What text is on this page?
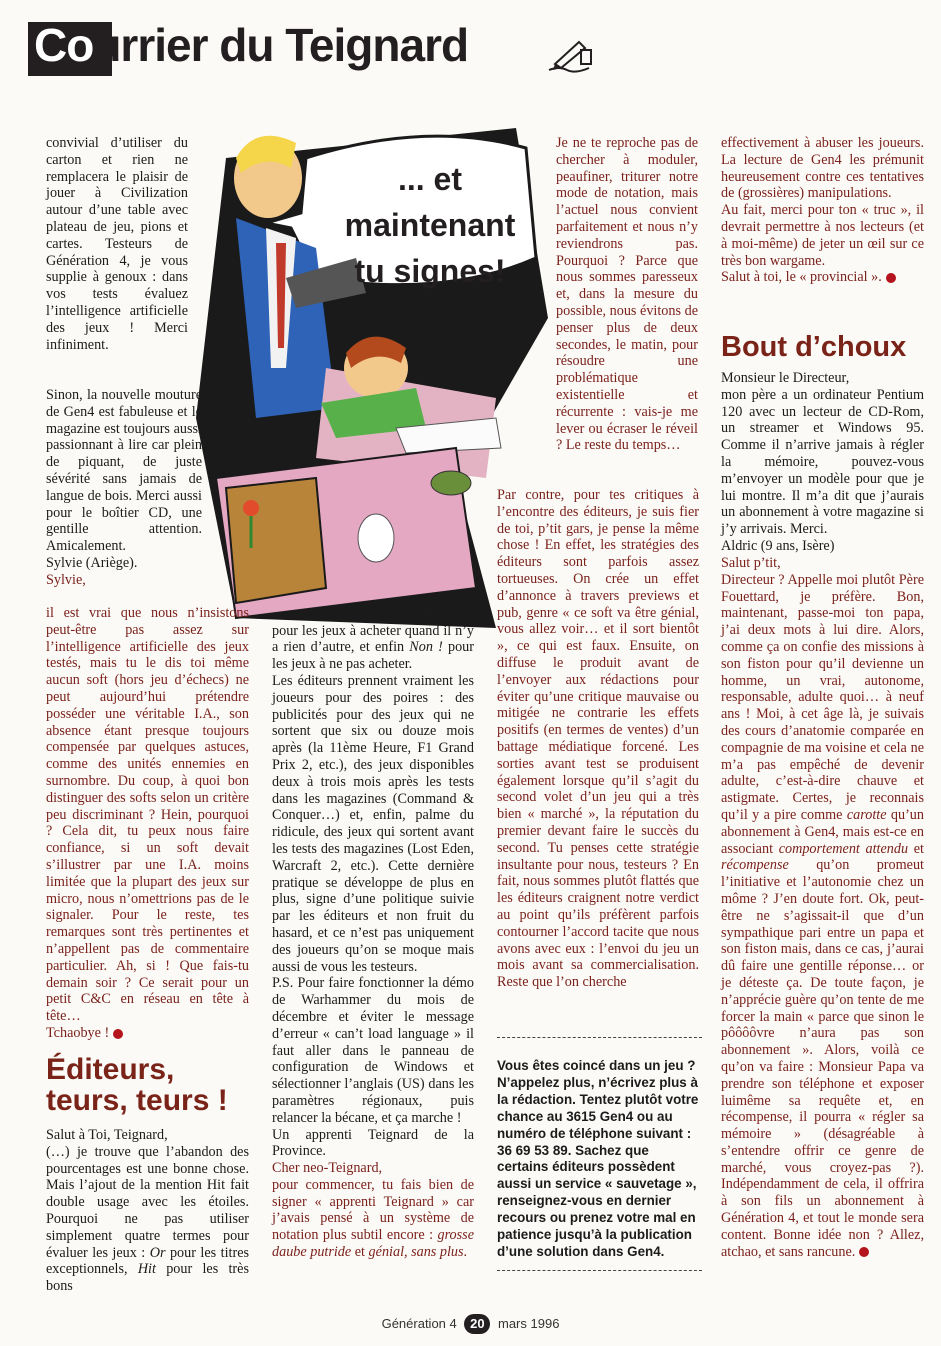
Courrier du Teignard
... et
maintenant
tu signes!

convivial d’utiliser du carton et rien ne remplacera le plaisir de jouer à Civilization autour d’une table avec plateau de jeu, pions et cartes. Testeurs de Génération 4, je vous supplie à genoux : dans vos tests évaluez l’intelligence artificielle des jeux ! Merci infiniment.

Sinon, la nouvelle mouture de Gen4 est fabuleuse et le magazine est toujours aussi passionnant à lire car plein de piquant, de juste sévérité sans jamais de langue de bois. Merci aussi pour le boîtier CD, une gentille attention. Amicalement.

Sylvie (Ariège).

Sylvie,

il est vrai que nous n’insistons peut-être pas assez sur l’intelligence artificielle des jeux testés, mais tu le dis toi même aucun soft (hors jeu d’échecs) ne peut aujourd’hui prétendre posséder une véritable I.A., son absence étant presque toujours compensée par quelques astuces, comme des unités ennemies en surnombre. Du coup, à quoi bon distinguer des softs selon un critère peu discriminant ? Hein, pourquoi ? Cela dit, tu peux nous faire confiance, si un soft devait s’illustrer par une I.A. moins limitée que la plupart des jeux sur micro, nous n’omettrions pas de le signaler. Pour le reste, tes remarques sont très pertinentes et n’appellent pas de commentaire particulier. Ah, si ! Que fais-tu demain soir ? Ce serait pour un petit C&C en réseau en tête à tête…

Tchaobye !

Éditeurs, teurs, teurs !

Salut à Toi, Teignard,

(…) je trouve que l’abandon des pourcentages est une bonne chose. Mais l’ajout de la mention Hit fait double usage avec les étoiles. Pourquoi ne pas utiliser simplement quatre termes pour évaluer les jeux : Or pour les titres exceptionnels, Hit pour les très bons

jeux,
Passable

pour les jeux à acheter quand il n’y a rien d’autre, et enfin Non ! pour les jeux à ne pas acheter.

Les éditeurs prennent vraiment les joueurs pour des poires : des publicités pour des jeux qui ne sortent que six ou douze mois après (la 11ème Heure, F1 Grand Prix 2, etc.), des jeux disponibles deux à trois mois après les tests dans les magazines (Command & Conquer…) et, enfin, palme du ridicule, des jeux qui sortent avant les tests des magazines (Lost Eden, Warcraft 2, etc.). Cette dernière pratique se développe de plus en plus, signe d’une politique suivie par les éditeurs et non fruit du hasard, et ce n’est pas uniquement des joueurs qu’on se moque mais aussi de vous les testeurs.

P.S. Pour faire fonctionner la démo de Warhammer du mois de décembre et éviter le message d’erreur « can’t load language » il faut aller dans le panneau de configuration de Windows et sélectionner l’anglais (US) dans les paramètres régionaux, puis relancer la bécane, et ça marche !

Un apprenti Teignard de la Province.

Cher neo-Teignard,

pour commencer, tu fais bien de signer « apprenti Teignard » car j’avais pensé à un système de notation plus subtil encore : grosse daube putride et génial, sans plus.

Je ne te reproche pas de chercher à moduler, peaufiner, triturer notre mode de notation, mais l’actuel nous convient parfaitement et nous n’y reviendrons pas. Pourquoi ? Parce que nous sommes paresseux et, dans la mesure du possible, nous évitons de penser plus de deux secondes, le matin, pour résoudre une problématique existentielle et récurrente : vais-je me lever ou écraser le réveil ? Le reste du temps…

Par contre, pour tes critiques à l’encontre des éditeurs, je suis fier de toi, p’tit gars, je pense la même chose ! En effet, les stratégies des éditeurs sont parfois assez tortueuses. On crée un effet d’annonce à travers previews et pub, genre « ce soft va être génial, vous allez voir… et il sort bientôt », ce qui est faux. Ensuite, on diffuse le produit avant de l’envoyer aux rédactions pour éviter qu’une critique mauvaise ou mitigée ne contrarie les effets positifs (en termes de ventes) d’un battage médiatique forcené. Les sorties avant test se produisent également lorsque qu’il s’agit du second volet d’un jeu qui a très bien « marché », la réputation du premier devant faire le succès du second. Tu penses cette stratégie insultante pour nous, testeurs ? En fait, nous sommes plutôt flattés que les éditeurs craignent notre verdict au point qu’ils préfèrent parfois contourner l’accord tacite que nous avons avec eux : l’envoi du jeu un mois avant sa commercialisation. Reste que l’on cherche

Vous êtes coincé dans un jeu ? N’appelez plus, n’écrivez plus à la rédaction. Tentez plutôt votre chance au 3615 Gen4 ou au numéro de téléphone suivant : 36 69 53 89. Sachez que certains éditeurs possèdent aussi un service « sauvetage », renseignez-vous en dernier recours ou prenez votre mal en patience jusqu’à la publication d’une solution dans Gen4.

effectivement à abuser les joueurs. La lecture de Gen4 les prémunit heureusement contre ces tentatives de (grossières) manipulations.

Au fait, merci pour ton « truc », il devrait permettre à nos lecteurs (et à moi-même) de jeter un œil sur ce très bon wargame.

Salut à toi, le « provincial ».

Bout d’choux

Monsieur le Directeur,

mon père a un ordinateur Pentium 120 avec un lecteur de CD-Rom, un streamer et Windows 95. Comme il n’arrive jamais à régler la mémoire, pouvez-vous m’envoyer un modèle pour que je lui montre. Il m’a dit que j’aurais un abonnement à votre magazine si j’y arrivais. Merci.

Aldric (9 ans, Isère)

Salut p’tit,

Directeur ? Appelle moi plutôt Père Fouettard, je préfère. Bon, maintenant, passe-moi ton papa, j’ai deux mots à lui dire. Alors, comme ça on confie des missions à son fiston pour qu’il devienne un homme, un vrai, autonome, responsable, adulte quoi… à neuf ans ! Moi, à cet âge là, je suivais des cours d’anatomie comparée en compagnie de ma voisine et cela ne m’a pas empêché de devenir adulte, c’est-à-dire chauve et astigmate. Certes, je reconnais qu’il y a pire comme carotte qu’un abonnement à Gen4, mais est-ce en associant comportement attendu et récompense qu’on promeut l’initiative et l’autonomie chez un môme ? J’en doute fort. Ok, peut-être ne s’agissait-il que d’un sympathique pari entre un papa et son fiston mais, dans ce cas, j’aurai dû faire une gentille réponse… or je déteste ça. De toute façon, je n’apprécie guère qu’on tente de me forcer la main « parce que sinon le pôôôôvre n’aura pas son abonnement ». Alors, voilà ce qu’on va faire : Monsieur Papa va prendre son téléphone et exposer luimême sa requête et, en récompense, il pourra « régler sa mémoire » (désagréable à s’entendre offrir ce genre de marché, vous croyez-pas ?). Indépendamment de cela, il offrira à son fils un abonnement à Génération 4, et tout le monde sera content. Bonne idée non ? Allez, atchao, et sans rancune.

Génération 4 20 mars 1996
